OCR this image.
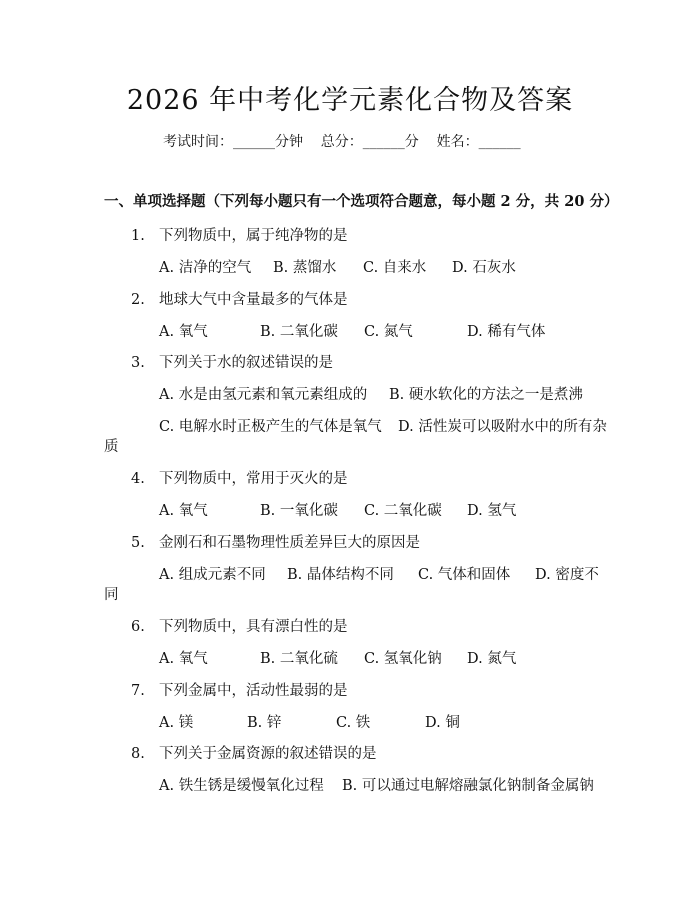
2026 年中考化学元素化合物及答案
考试时间：______分钟    总分：______分    姓名：______
一、单项选择题（下列每小题只有一个选项符合题意，每小题 2 分，共 20 分）
1. 下列物质中，属于纯净物的是
A. 洁净的空气 B. 蒸馏水 C. 自来水 D. 石灰水
2. 地球大气中含量最多的气体是
A. 氧气	B. 二氧化碳 C. 氮气	D. 稀有气体
3. 下列关于水的叙述错误的是
A. 水是由氢元素和氧元素组成的 B. 硬水软化的方法之一是煮沸
C. 电解水时正极产生的气体是氧气 D. 活性炭可以吸附水中的所有杂
质
4. 下列物质中，常用于灭火的是
A. 氧气	B. 一氧化碳 C. 二氧化碳 D. 氢气
5. 金刚石和石墨物理性质差异巨大的原因是
A. 组成元素不同 B. 晶体结构不同 C. 气体和固体 D. 密度不
同
6. 下列物质中，具有漂白性的是
A. 氧气	B. 二氧化硫 C. 氢氧化钠 D. 氮气
7. 下列金属中，活动性最弱的是
A. 镁	B. 锌	C. 铁	D. 铜
8. 下列关于金属资源的叙述错误的是
A. 铁生锈是缓慢氧化过程 B. 可以通过电解熔融氯化钠制备金属钠
